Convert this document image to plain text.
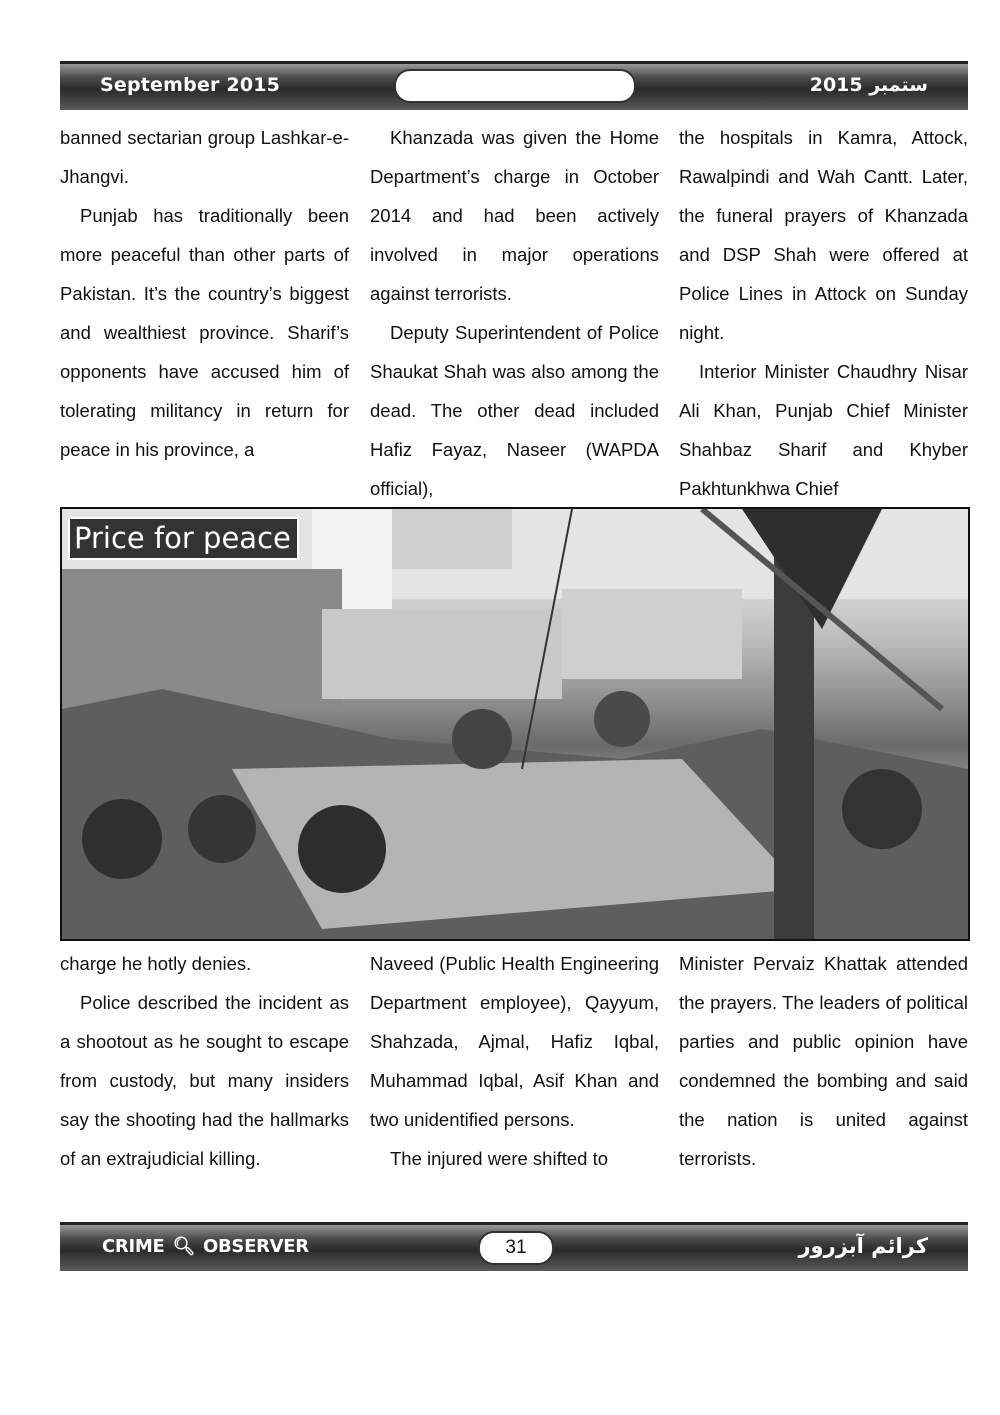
September 2015	2015 ستمبر

banned sectarian group Lashkar-e-Jhangvi.

Punjab has traditionally been more peaceful than other parts of Pakistan. It’s the country’s biggest and wealthiest province. Sharif’s opponents have accused him of tolerating militancy in return for peace in his province, a

Khanzada was given the Home Department’s charge in October 2014 and had been actively involved in major operations against terrorists.

Deputy Superintendent of Police Shaukat Shah was also among the dead. The other dead included Hafiz Fayaz, Naseer (WAPDA official),

the hospitals in Kamra, Attock, Rawalpindi and Wah Cantt. Later, the funeral prayers of Khanzada and DSP Shah were offered at Police Lines in Attock on Sunday night.

Interior Minister Chaudhry Nisar Ali Khan, Punjab Chief Minister Shahbaz Sharif and Khyber Pakhtunkhwa Chief

Price for peace

charge he hotly denies.

Police described the incident as a shootout as he sought to escape from custody, but many insiders say the shooting had the hallmarks of an extrajudicial killing.

Naveed (Public Health Engineering Department employee), Qayyum, Shahzada, Ajmal, Hafiz Iqbal, Muhammad Iqbal, Asif Khan and two unidentified persons.

The injured were shifted to

Minister Pervaiz Khattak attended the prayers. The leaders of political parties and public opinion have condemned the bombing and said the nation is united against terrorists.

CRIME 🔍︎ OBSERVER	31	کرائم آبزرور
